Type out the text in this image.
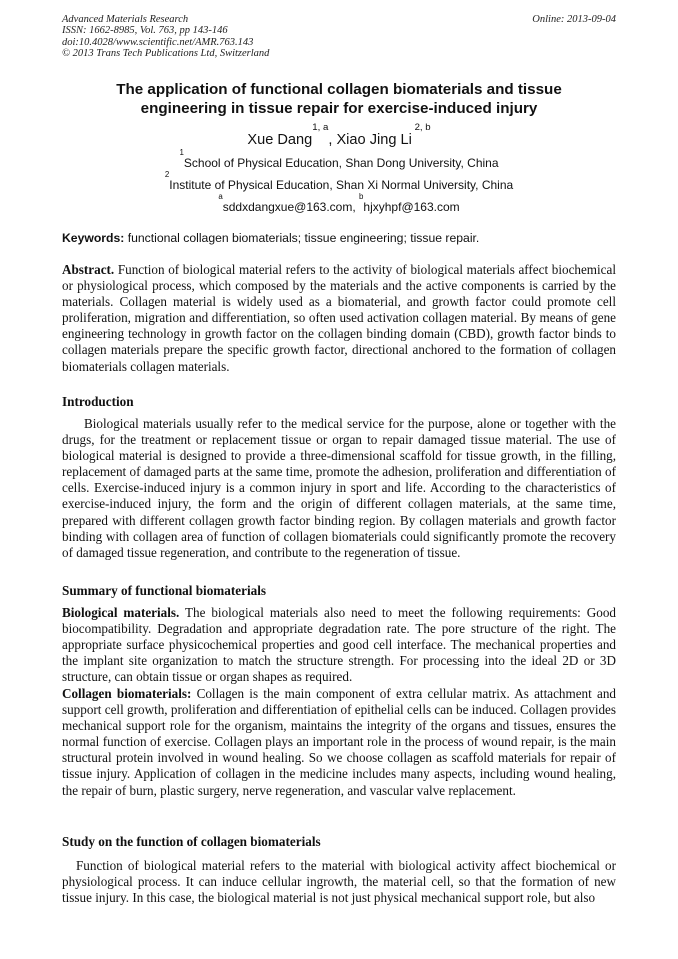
Advanced Materials Research
ISSN: 1662-8985, Vol. 763, pp 143-146
doi:10.4028/www.scientific.net/AMR.763.143
© 2013 Trans Tech Publications Ltd, Switzerland
Online: 2013-09-04
The application of functional collagen biomaterials and tissue
engineering in tissue repair for exercise-induced injury
Xue Dang$^{1, a}$, Xiao Jing Li $^{2, b}$
$^1$School of Physical Education, Shan Dong University, China
$^2$Institute of Physical Education, Shan Xi Normal University, China
$^a$sddxdangxue@163.com, $^b$hjxyhpf@163.com
Keywords: functional collagen biomaterials; tissue engineering; tissue repair.
Abstract. Function of biological material refers to the activity of biological materials affect biochemical or physiological process, which composed by the materials and the active components is carried by the materials. Collagen material is widely used as a biomaterial, and growth factor could promote cell proliferation, migration and differentiation, so often used activation collagen material. By means of gene engineering technology in growth factor on the collagen binding domain (CBD), growth factor binds to collagen materials prepare the specific growth factor, directional anchored to the formation of collagen biomaterials collagen materials.
Introduction
Biological materials usually refer to the medical service for the purpose, alone or together with the drugs, for the treatment or replacement tissue or organ to repair damaged tissue material. The use of biological material is designed to provide a three-dimensional scaffold for tissue growth, in the filling, replacement of damaged parts at the same time, promote the adhesion, proliferation and differentiation of cells. Exercise-induced injury is a common injury in sport and life. According to the characteristics of exercise-induced injury, the form and the origin of different collagen materials, at the same time, prepared with different collagen growth factor binding region. By collagen materials and growth factor binding with collagen area of function of collagen biomaterials could significantly promote the recovery of damaged tissue regeneration, and contribute to the regeneration of tissue.
Summary of functional biomaterials
Biological materials. The biological materials also need to meet the following requirements: Good biocompatibility. Degradation and appropriate degradation rate. The pore structure of the right. The appropriate surface physicochemical properties and good cell interface. The mechanical properties and the implant site organization to match the structure strength. For processing into the ideal 2D or 3D structure, can obtain tissue or organ shapes as required.
Collagen biomaterials: Collagen is the main component of extra cellular matrix. As attachment and support cell growth, proliferation and differentiation of epithelial cells can be induced. Collagen provides mechanical support role for the organism, maintains the integrity of the organs and tissues, ensures the normal function of exercise. Collagen plays an important role in the process of wound repair, is the main structural protein involved in wound healing. So we choose collagen as scaffold materials for repair of tissue injury. Application of collagen in the medicine includes many aspects, including wound healing, the repair of burn, plastic surgery, nerve regeneration, and vascular valve replacement.
Study on the function of collagen biomaterials
Function of biological material refers to the material with biological activity affect biochemical or physiological process. It can induce cellular ingrowth, the material cell, so that the formation of new tissue injury. In this case, the biological material is not just physical mechanical support role, but also
